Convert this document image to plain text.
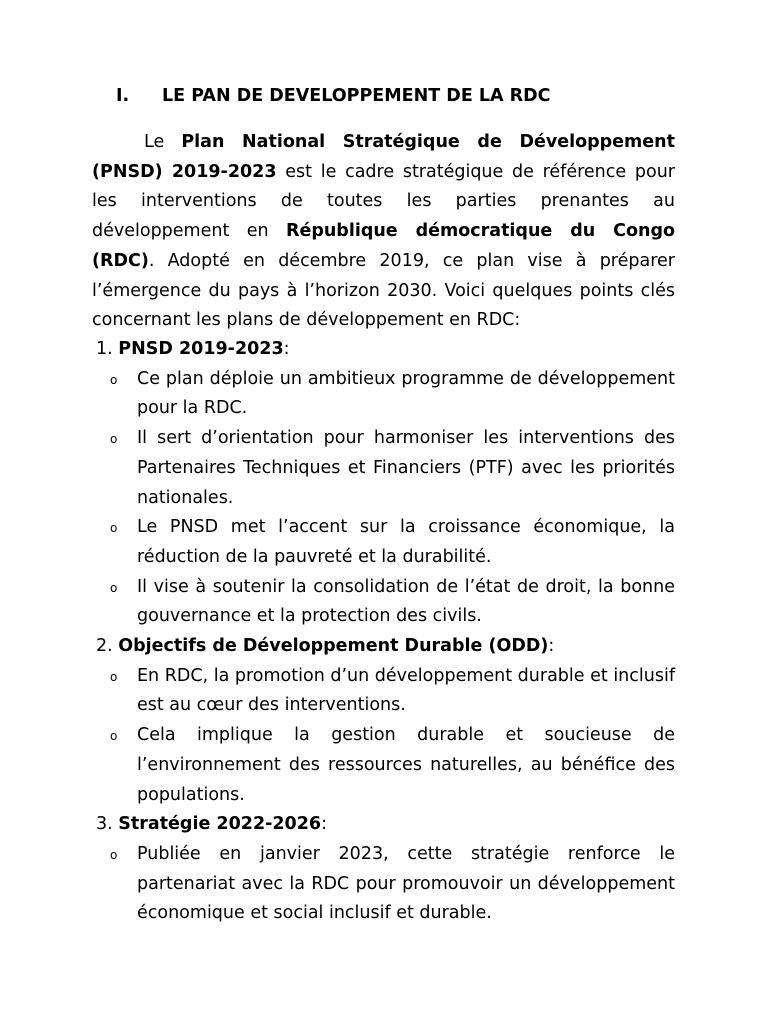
I. LE PAN DE DEVELOPPEMENT DE LA RDC

Le Plan National Stratégique de Développement (PNSD) 2019-2023 est le cadre stratégique de référence pour les interventions de toutes les parties prenantes au développement en République démocratique du Congo (RDC). Adopté en décembre 2019, ce plan vise à préparer l’émergence du pays à l’horizon 2030. Voici quelques points clés concernant les plans de développement en RDC:

1. PNSD 2019-2023:
o Ce plan déploie un ambitieux programme de développement pour la RDC.
o Il sert d’orientation pour harmoniser les interventions des Partenaires Techniques et Financiers (PTF) avec les priorités nationales.
o Le PNSD met l’accent sur la croissance économique, la réduction de la pauvreté et la durabilité.
o Il vise à soutenir la consolidation de l’état de droit, la bonne gouvernance et la protection des civils.
2. Objectifs de Développement Durable (ODD):
o En RDC, la promotion d’un développement durable et inclusif est au cœur des interventions.
o Cela implique la gestion durable et soucieuse de l’environnement des ressources naturelles, au bénéfice des populations.
3. Stratégie 2022-2026:
o Publiée en janvier 2023, cette stratégie renforce le partenariat avec la RDC pour promouvoir un développement économique et social inclusif et durable.
